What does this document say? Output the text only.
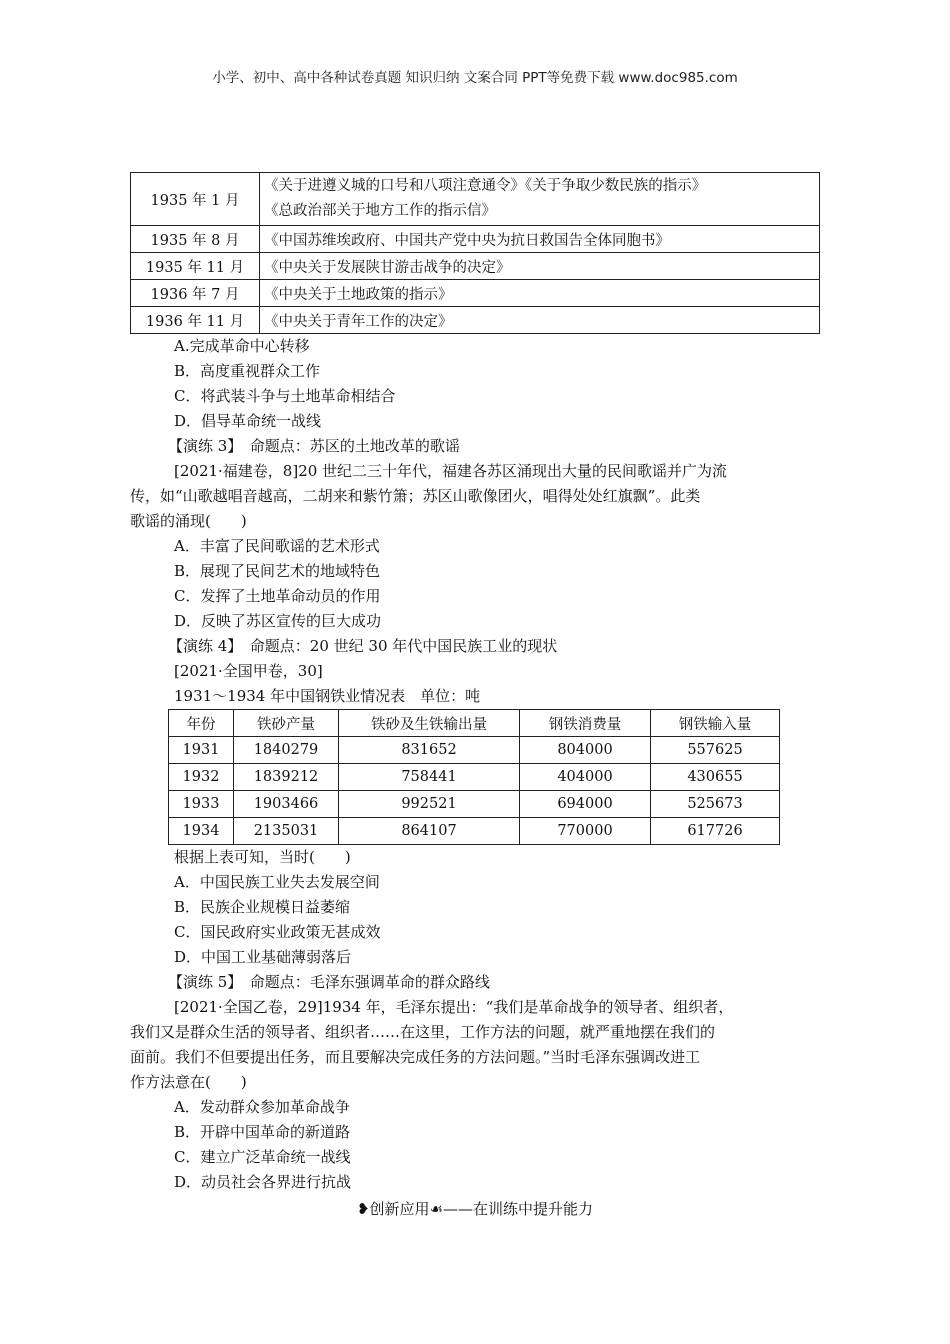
小学、初中、高中各种试卷真题 知识归纳 文案合同 PPT等免费下载 www.doc985.com
1935 年 1 月	《关于进遵义城的口号和八项注意通令》《关于争取少数民族的指示》
《总政治部关于地方工作的指示信》

1935 年 8 月	《中国苏维埃政府、中国共产党中央为抗日救国告全体同胞书》
1935 年 11 月	《中央关于发展陕甘游击战争的决定》
1936 年 7 月	《中央关于土地政策的指示》
1936 年 11 月	《中央关于青年工作的决定》
A.完成革命中心转移
B．高度重视群众工作
C．将武装斗争与土地革命相结合
D．倡导革命统一战线
【演练 3】　命题点：苏区的土地改革的歌谣
[2021·福建卷，8]20 世纪二三十年代，福建各苏区涌现出大量的民间歌谣并广为流
传，如“山歌越唱音越高，二胡来和紫竹箫；苏区山歌像团火，唱得处处红旗飘”。此类
歌谣的涌现(　　)
A．丰富了民间歌谣的艺术形式
B．展现了民间艺术的地域特色
C．发挥了土地革命动员的作用
D．反映了苏区宣传的巨大成功
【演练 4】　命题点：20 世纪 30 年代中国民族工业的现状
[2021·全国甲卷，30]
1931～1934 年中国钢铁业情况表　单位：吨
年份	铁砂产量	铁砂及生铁输出量	钢铁消费量	钢铁输入量
1931	1840279	831652	804000	557625
1932	1839212	758441	404000	430655
1933	1903466	992521	694000	525673
1934	2135031	864107	770000	617726
根据上表可知，当时(　　)
A．中国民族工业失去发展空间
B．民族企业规模日益萎缩
C．国民政府实业政策无甚成效
D．中国工业基础薄弱落后
【演练 5】　命题点：毛泽东强调革命的群众路线
[2021·全国乙卷，29]1934 年，毛泽东提出：“我们是革命战争的领导者、组织者，
我们又是群众生活的领导者、组织者……在这里，工作方法的问题，就严重地摆在我们的
面前。我们不但要提出任务，而且要解决完成任务的方法问题。”当时毛泽东强调改进工
作方法意在(　　)
A．发动群众参加革命战争
B．开辟中国革命的新道路
C．建立广泛革命统一战线
D．动员社会各界进行抗战
❥创新应用☙——在训练中提升能力
